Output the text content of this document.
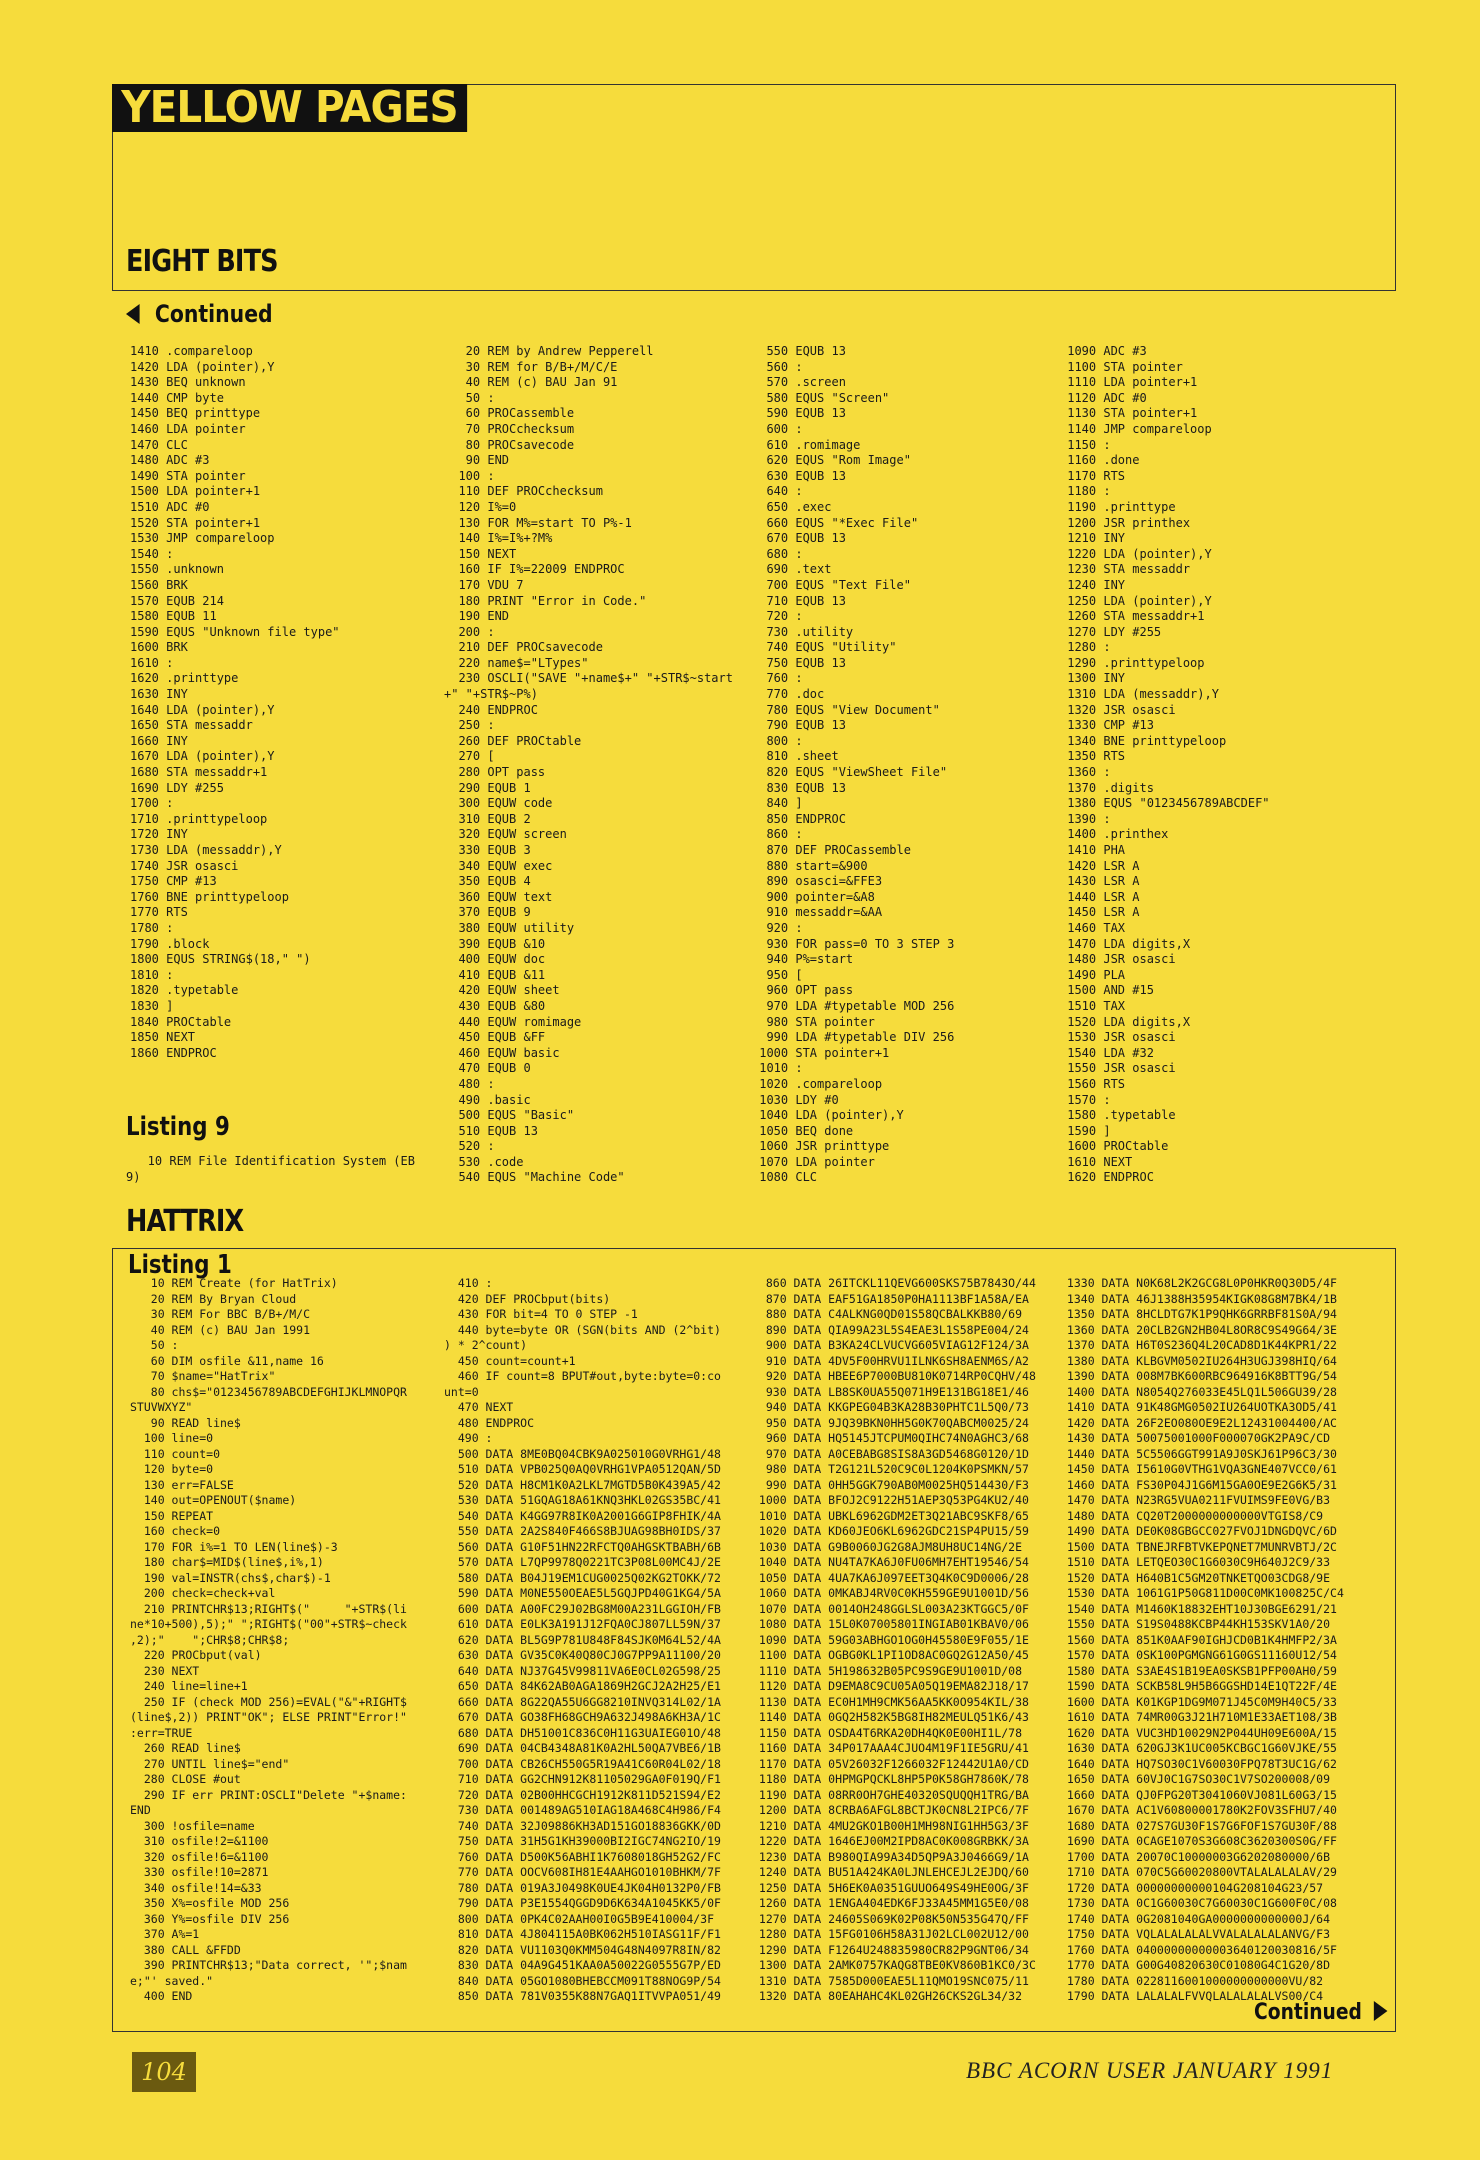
YELLOW PAGES
EIGHT BITS
Continued
1410 .compareloop
1420 LDA (pointer),Y
1430 BEQ unknown
1440 CMP byte
1450 BEQ printtype
1460 LDA pointer
1470 CLC
1480 ADC #3
1490 STA pointer
1500 LDA pointer+1
1510 ADC #0
1520 STA pointer+1
1530 JMP compareloop
1540 :
1550 .unknown
1560 BRK
1570 EQUB 214
1580 EQUB 11
1590 EQUS "Unknown file type"
1600 BRK
1610 :
1620 .printtype
1630 INY
1640 LDA (pointer),Y
1650 STA messaddr
1660 INY
1670 LDA (pointer),Y
1680 STA messaddr+1
1690 LDY #255
1700 :
1710 .printtypeloop
1720 INY
1730 LDA (messaddr),Y
1740 JSR osasci
1750 CMP #13
1760 BNE printtypeloop
1770 RTS
1780 :
1790 .block
1800 EQUS STRING$(18," ")
1810 :
1820 .typetable
1830 ]
1840 PROCtable
1850 NEXT
1860 ENDPROC
Listing 9
10 REM File Identification System (EB
9)
20 REM by Andrew Pepperell
30 REM for B/B+/M/C/E
40 REM (c) BAU Jan 91
50 :
60 PROCassemble
70 PROCchecksum
80 PROCsavecode
90 END
100 :
110 DEF PROCchecksum
120 I%=0
130 FOR M%=start TO P%-1
140 I%=I%+?M%
150 NEXT
160 IF I%=22009 ENDPROC
170 VDU 7
180 PRINT "Error in Code."
190 END
200 :
210 DEF PROCsavecode
220 name$="LTypes"
230 OSCLI("SAVE "+name$+" "+STR$~start
+" "+STR$~P%)
240 ENDPROC
250 :
260 DEF PROCtable
270 [
280 OPT pass
290 EQUB 1
300 EQUW code
310 EQUB 2
320 EQUW screen
330 EQUB 3
340 EQUW exec
350 EQUB 4
360 EQUW text
370 EQUB 9
380 EQUW utility
390 EQUB &10
400 EQUW doc
410 EQUB &11
420 EQUW sheet
430 EQUB &80
440 EQUW romimage
450 EQUB &FF
460 EQUW basic
470 EQUB 0
480 :
490 .basic
500 EQUS "Basic"
510 EQUB 13
520 :
530 .code
540 EQUS "Machine Code"
550 EQUB 13
560 :
570 .screen
580 EQUS "Screen"
590 EQUB 13
600 :
610 .romimage
620 EQUS "Rom Image"
630 EQUB 13
640 :
650 .exec
660 EQUS "*Exec File"
670 EQUB 13
680 :
690 .text
700 EQUS "Text File"
710 EQUB 13
720 :
730 .utility
740 EQUS "Utility"
750 EQUB 13
760 :
770 .doc
780 EQUS "View Document"
790 EQUB 13
800 :
810 .sheet
820 EQUS "ViewSheet File"
830 EQUB 13
840 ]
850 ENDPROC
860 :
870 DEF PROCassemble
880 start=&900
890 osasci=&FFE3
900 pointer=&A8
910 messaddr=&AA
920 :
930 FOR pass=0 TO 3 STEP 3
940 P%=start
950 [
960 OPT pass
970 LDA #typetable MOD 256
980 STA pointer
990 LDA #typetable DIV 256
1000 STA pointer+1
1010 :
1020 .compareloop
1030 LDY #0
1040 LDA (pointer),Y
1050 BEQ done
1060 JSR printtype
1070 LDA pointer
1080 CLC
1090 ADC #3
1100 STA pointer
1110 LDA pointer+1
1120 ADC #0
1130 STA pointer+1
1140 JMP compareloop
1150 :
1160 .done
1170 RTS
1180 :
1190 .printtype
1200 JSR printhex
1210 INY
1220 LDA (pointer),Y
1230 STA messaddr
1240 INY
1250 LDA (pointer),Y
1260 STA messaddr+1
1270 LDY #255
1280 :
1290 .printtypeloop
1300 INY
1310 LDA (messaddr),Y
1320 JSR osasci
1330 CMP #13
1340 BNE printtypeloop
1350 RTS
1360 :
1370 .digits
1380 EQUS "0123456789ABCDEF"
1390 :
1400 .printhex
1410 PHA
1420 LSR A
1430 LSR A
1440 LSR A
1450 LSR A
1460 TAX
1470 LDA digits,X
1480 JSR osasci
1490 PLA
1500 AND #15
1510 TAX
1520 LDA digits,X
1530 JSR osasci
1540 LDA #32
1550 JSR osasci
1560 RTS
1570 :
1580 .typetable
1590 ]
1600 PROCtable
1610 NEXT
1620 ENDPROC
HATTRIX
Listing 1
10 REM Create (for HatTrix)
20 REM By Bryan Cloud
30 REM For BBC B/B+/M/C
40 REM (c) BAU Jan 1991
50 :
60 DIM osfile &11,name 16
70 $name="HatTrix"
80 chs$="0123456789ABCDEFGHIJKLMNOPQR
STUVWXYZ"
90 READ line$
100 line=0
110 count=0
120 byte=0
130 err=FALSE
140 out=OPENOUT($name)
150 REPEAT
160 check=0
170 FOR i%=1 TO LEN(line$)-3
180 char$=MID$(line$,i%,1)
190 val=INSTR(chs$,char$)-1
200 check=check+val
210 PRINTCHR$13;RIGHT$("     "+STR$(li
ne*10+500),5);" ";RIGHT$("00"+STR$~check
,2);"    ";CHR$8;CHR$8;
220 PROCbput(val)
230 NEXT
240 line=line+1
250 IF (check MOD 256)=EVAL("&"+RIGHT$
(line$,2)) PRINT"OK"; ELSE PRINT"Error!"
:err=TRUE
260 READ line$
270 UNTIL line$="end"
280 CLOSE #out
290 IF err PRINT:OSCLI"Delete "+$name:
END
300 !osfile=name
310 osfile!2=&1100
320 osfile!6=&1100
330 osfile!10=2871
340 osfile!14=&33
350 X%=osfile MOD 256
360 Y%=osfile DIV 256
370 A%=1
380 CALL &FFDD
390 PRINTCHR$13;"Data correct, '";$nam
e;"' saved."
400 END
410 :
420 DEF PROCbput(bits)
430 FOR bit=4 TO 0 STEP -1
440 byte=byte OR (SGN(bits AND (2^bit)
) * 2^count)
450 count=count+1
460 IF count=8 BPUT#out,byte:byte=0:co
unt=0
470 NEXT
480 ENDPROC
490 :
500 DATA 8ME0BQ04CBK9A025010G0VRHG1/48
510 DATA VPB025Q0AQ0VRHG1VPA0512QAN/5D
520 DATA H8CM1K0A2LKL7MGTD5B0K439A5/42
530 DATA 51GQAG18A61KNQ3HKL02GS35BC/41
540 DATA K4GG97R8IK0A2001G6GIP8FHIK/4A
550 DATA 2A2S840F466S8BJUAG98BH0IDS/37
560 DATA G10F51HN22RFCTQ0AHGSKTBABH/6B
570 DATA L7QP9978Q0221TC3P08L00MC4J/2E
580 DATA B04J19EM1CUG0025Q02KG2TOKK/72
590 DATA M0NE550OEAE5L5GQJPD40G1KG4/5A
600 DATA A00FC29J02BG8M00A231LGGIOH/FB
610 DATA E0LK3A191J12FQA0CJ807LL59N/37
620 DATA BL5G9P781U848F84SJK0M64L52/4A
630 DATA GV35C0K40Q80CJ0G7PP9A11100/20
640 DATA NJ37G45V99811VA6E0CL02G598/25
650 DATA 84K62AB0AGA1869H2GCJ2A2H25/E1
660 DATA 8G22QA55U6GG8210INVQ314L02/1A
670 DATA GO38FH68GCH9A632J498A6KH3A/1C
680 DATA DH51001C836C0H11G3UAIEG01O/48
690 DATA 04CB4348A81K0A2HL50QA7VBE6/1B
700 DATA CB26CH550G5R19A41C60R04L02/18
710 DATA GG2CHN912K81105029GA0F019Q/F1
720 DATA 02B00HHCGCH1912K811D521S94/E2
730 DATA 001489AG510IAG18A468C4H986/F4
740 DATA 32J09886KH3AD151GO18836GKK/0D
750 DATA 31H5G1KH39000BI2IGC74NG2IO/19
760 DATA D500K56ABHI1K7608018GH52G2/FC
770 DATA OOCV608IH81E4AAHGO1010BHKM/7F
780 DATA 019A3J0498K0UE4JK04H0132P0/FB
790 DATA P3E1554QGGD9D6K634A1045KK5/0F
800 DATA 0PK4C02AAH00I0G5B9E410004/3F
810 DATA 4J804115A0BK062H510IASG11F/F1
820 DATA VU1103Q0KMM504G48N4097R8IN/82
830 DATA 04A9G451KAA0A50022G0555G7P/ED
840 DATA 05GO1080BHEBCCM091T88NOG9P/54
850 DATA 781V0355K88N7GAQ1ITVVPA051/49
860 DATA 26ITCKL11QEVG600SKS75B7843O/44
870 DATA EAF51GA1850P0HA1113BF1A58A/EA
880 DATA C4ALKNG0QD01S58QCBALKKB80/69
890 DATA QIA99A23L5S4EAE3L1S58PE004/24
900 DATA B3KA24CLVUCVG605VIAG12F124/3A
910 DATA 4DV5F00HRVU1ILNK6SH8AENM6S/A2
920 DATA HBEE6P7000BU810K0714RP0CQHV/48
930 DATA LB8SK0UA55Q071H9E131BG18E1/46
940 DATA KKGPEG04B3KA28B30PHTC1L5Q0/73
950 DATA 9JQ39BKN0HH5G0K70QABCM0025/24
960 DATA HQ5145JTCPUM0QIHC74N0AGHC3/68
970 DATA A0CEBABG8SIS8A3GD5468G0120/1D
980 DATA T2G121L520C9C0L1204K0PSMKN/57
990 DATA 0HH5GGK790AB0M0025HQ514430/F3
1000 DATA BFOJ2C9122H51AEP3Q53PG4KU2/40
1010 DATA UBKL6962GDM2ET3Q21ABC9SKF8/65
1020 DATA KD60JEO6KL6962GDC21SP4PU15/59
1030 DATA G9B0060JG2G8AJM8UH8UC14NG/2E
1040 DATA NU4TA7KA6J0FU06MH7EHT19546/54
1050 DATA 4UA7KA6J097EET3Q4K0C9D0006/28
1060 DATA 0MKABJ4RV0C0KH559GE9U1001D/56
1070 DATA 0014OH248GGLSL003A23KTGGC5/0F
1080 DATA 15L0K07005801INGIAB01KBAV0/06
1090 DATA 59G03ABHGO1OG0H45580E9F055/1E
1100 DATA OGBG0KL1PI1OD8AC0GQ2G12A50/45
1110 DATA 5H198632B05PC9S9GE9U1001D/08
1120 DATA D9EMA8C9CU05A05Q19EMA82J18/17
1130 DATA EC0H1MH9CMK56AA5KK0O954KIL/38
1140 DATA 0GQ2H582K5BG8IH82MEULQ51K6/43
1150 DATA OSDA4T6RKA20DH4QK0E00HI1L/78
1160 DATA 34P017AAA4CJUO4M19F1IE5GRU/41
1170 DATA 05V26032F1266032F12442U1A0/CD
1180 DATA 0HPMGPQCKL8HP5P0K58GH7860K/78
1190 DATA 08RR0OH7GHE40320SQUQQH1TRG/BA
1200 DATA 8CRBA6AFGL8BCTJK0CN8L2IPC6/7F
1210 DATA 4MU2GKO1B00H1MH98NIG1HH5G3/3F
1220 DATA 1646EJ00M2IPD8AC0K008GRBKK/3A
1230 DATA B980QIA99A34D5QP9A3J0466G9/1A
1240 DATA BU51A424KA0LJNLEHCEJL2EJDQ/60
1250 DATA 5H6EK0A0351GUUO649S49HE0OG/3F
1260 DATA 1ENGA404EDK6FJ33A45MM1G5E0/08
1270 DATA 24605S069K02P08K50N535G47Q/FF
1280 DATA 15FG0106H58A31J02LCL002U12/00
1290 DATA F1264U248835980CR82P9GNT06/34
1300 DATA 2AMK0757KAQG8TBE0KV860B1KC0/3C
1310 DATA 7585D000EAE5L11QMO19SNC075/11
1320 DATA 80EAHAHC4KL02GH26CKS2GL34/32
1330 DATA N0K68L2K2GCG8L0P0HKR0Q30D5/4F
1340 DATA 46J1388H35954KIGK08G8M7BK4/1B
1350 DATA 8HCLDTG7K1P9QHK6GRRBF81S0A/94
1360 DATA 20CLB2GN2HB04L8OR8C9S49G64/3E
1370 DATA H6T0S236Q4L20CAD8D1K44KPR1/22
1380 DATA KLBGVM0502IU264H3UGJ398HIQ/64
1390 DATA 008M7BK600RBC964916K8BTT9G/54
1400 DATA N8054Q276033E45LQ1L506GU39/28
1410 DATA 91K48GMG0502IU264UOTKA3OD5/41
1420 DATA 26F2EO080OE9E2L12431004400/AC
1430 DATA 50075001000F000070GK2PA9C/CD
1440 DATA 5C5506GGT991A9J0SKJ61P96C3/30
1450 DATA I5610G0VTHG1VQA3GNE407VCC0/61
1460 DATA FS30P04J1G6M15GA0OE9E2G6K5/31
1470 DATA N23RG5VUA0211FVUIMS9FE0VG/B3
1480 DATA CQ20T2000000000000VTGIS8/C9
1490 DATA DE0K08GBGCC027FVOJ1DNGDQVC/6D
1500 DATA TBNEJRFBTVKEPQNET7MUNRVBTJ/2C
1510 DATA LETQEO30C1G6030C9H640J2C9/33
1520 DATA H640B1C5GM20TNKETQO03CDG8/9E
1530 DATA 1061G1P50G811D00C0MK100825C/C4
1540 DATA M1460K18832EHT10J30BGE6291/21
1550 DATA S19S0488KCBP44KH153SKV1A0/20
1560 DATA 851K0AAF90IGHJCD0B1K4HMFP2/3A
1570 DATA 0SK100PGMGNG61G0GS11160U12/54
1580 DATA S3AE4S1B19EA0SKSB1PFP00AH0/59
1590 DATA SCKB58L9H5B6GGSHD14E1QT22F/4E
1600 DATA K01KGP1DG9M071J45C0M9H40C5/33
1610 DATA 74MR00G3J21H710M1E33AET108/3B
1620 DATA VUC3HD10029N2P044UH09E600A/15
1630 DATA 620GJ3K1UC005KCBGC1G60VJKE/55
1640 DATA HQ7SO30C1V60030FPQ78T3UC1G/62
1650 DATA 60VJ0C1G7SO30C1V7SO200008/09
1660 DATA QJ0FPG20T3041060VJ081L60G3/15
1670 DATA AC1V60800001780K2FOV3SFHU7/40
1680 DATA 027S7GU30F1S7G6FOF1S7GU30F/88
1690 DATA 0CAGE1070S3G608C3620300S0G/FF
1700 DATA 20070C10000003G6202080000/6B
1710 DATA 070C5G60020800VTALALALALAV/29
1720 DATA 00000000000104G208104G23/57
1730 DATA 0C1G60030C7G60030C1G600F0C/08
1740 DATA 0G2081040GA0000000000000J/64
1750 DATA VQLALALALALVVALALALALANVG/F3
1760 DATA 04000000000003640120030816/5F
1770 DATA G00G40820630C01080G4C1G20/8D
1780 DATA 0228116001000000000000VU/82
1790 DATA LALALALFVVQLALALALALVS00/C4
Continued
104	BBC ACORN USER JANUARY 1991
